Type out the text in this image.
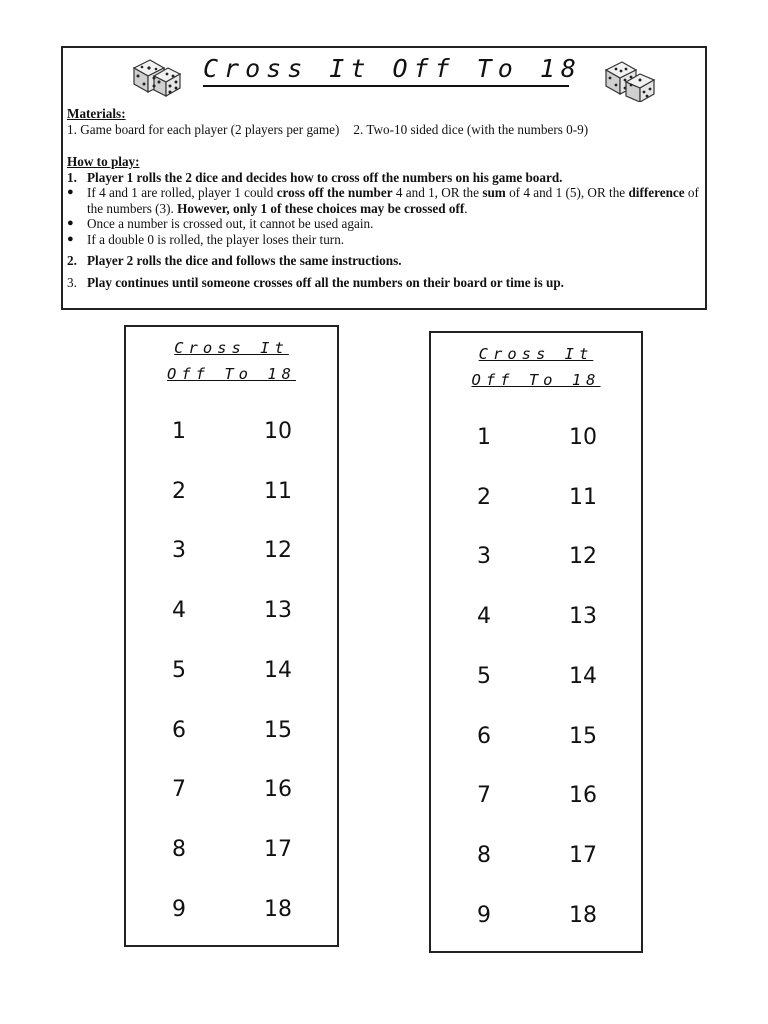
Cross It Off To 18
Materials:
1. Game board for each player (2 players per game) 2. Two-10 sided dice (with the numbers 0-9)
How to play:
1. Player 1 rolls the 2 dice and decides how to cross off the numbers on his game board.
●	If 4 and 1 are rolled, player 1 could cross off the number 4 and 1, OR the sum of 4 and 1 (5), OR the difference of the numbers (3). However, only 1 of these choices may be crossed off.
●	Once a number is crossed out, it cannot be used again.
●	If a double 0 is rolled, the player loses their turn.
2. Player 2 rolls the dice and follows the same instructions.
3. Play continues until someone crosses off all the numbers on their board or time is up.
Cross It
Off To 18
1	10
2	11
3	12
4	13
5	14
6	15
7	16
8	17
9	18
Cross It
Off To 18
1	10
2	11
3	12
4	13
5	14
6	15
7	16
8	17
9	18
